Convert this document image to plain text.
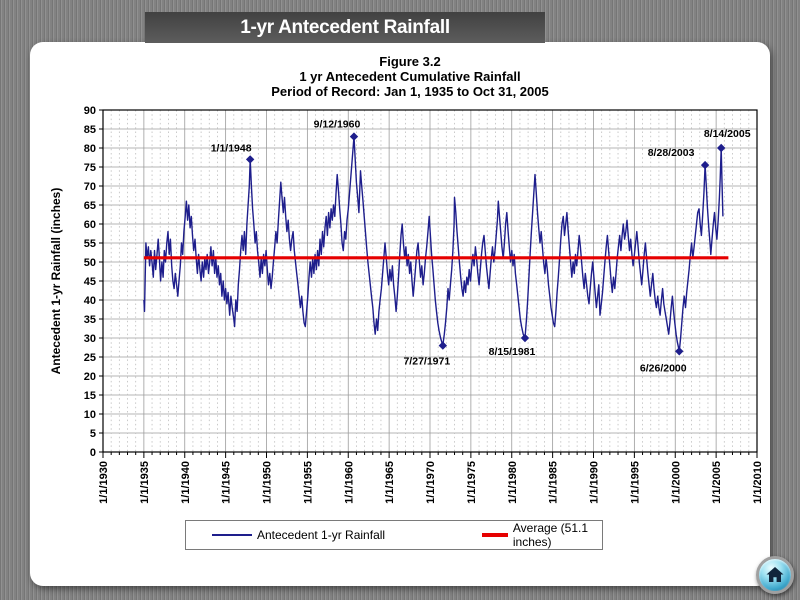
1-yr Antecedent Rainfall
1/1/1948
9/12/1960
7/27/1971
8/15/1981
6/26/2000
8/28/2003
8/14/2005
0
5
10
15
20
25
30
35
40
45
50
55
60
65
70
75
80
85
90
1/1/1930	1/1/1935	1/1/1940	1/1/1945	1/1/1950	1/1/1955	1/1/1960	1/1/1965	1/1/1970	1/1/1975	1/1/1980	1/1/1985	1/1/1990	1/1/1995	1/1/2000	1/1/2005	1/1/2010
Antecedent 1-yr Rainfall (inches)
Figure 3.2
1 yr Antecedent Cumulative Rainfall
Period of Record: Jan 1, 1935 to Oct 31, 2005
Antecedent 1-yr Rainfall	Average (51.1 inches)
